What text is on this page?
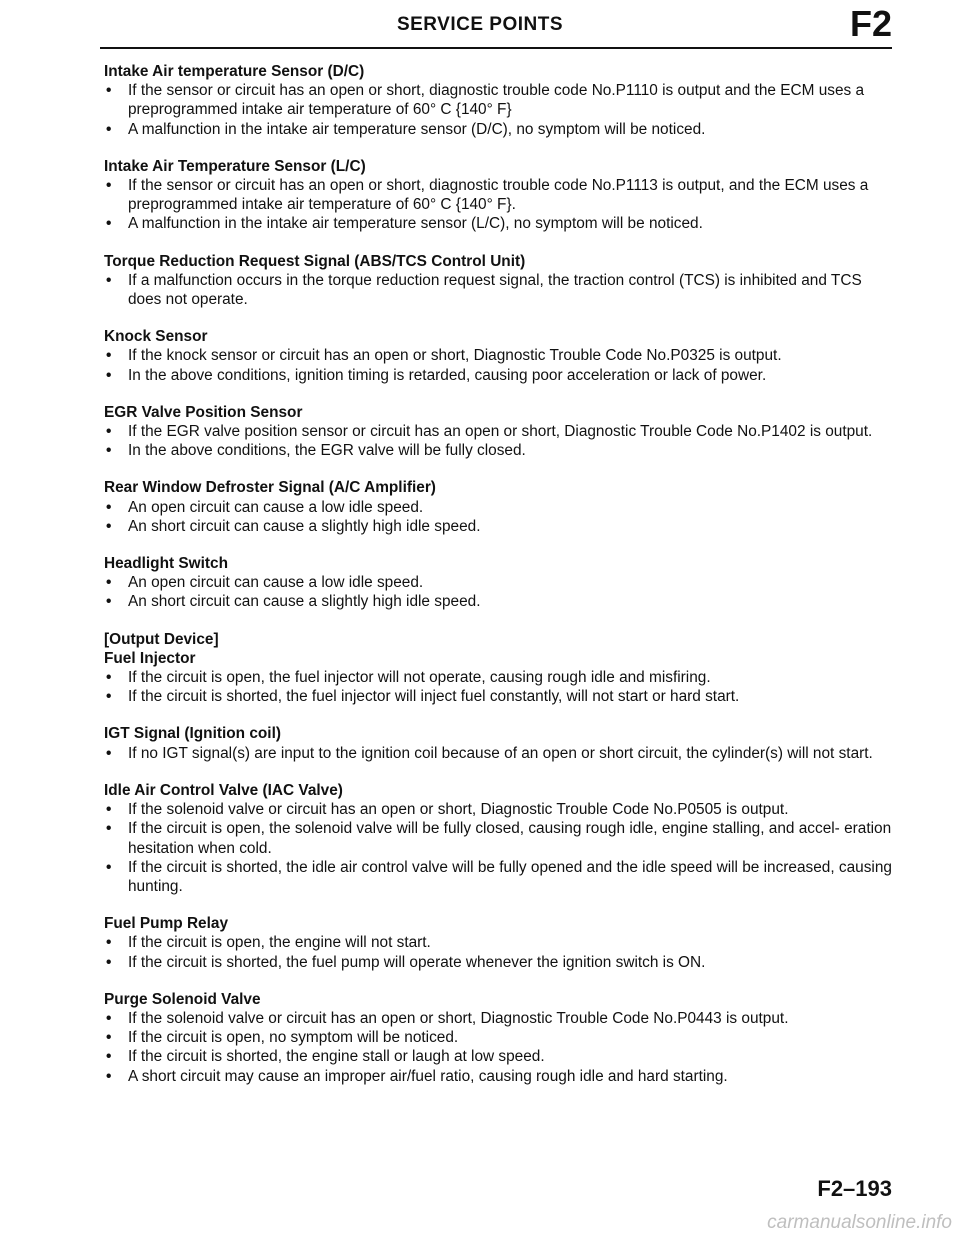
SERVICE POINTS	F2
Intake Air temperature Sensor (D/C)
• If the sensor or circuit has an open or short, diagnostic trouble code No.P1110 is output and the ECM uses a preprogrammed intake air temperature of 60° C {140° F}
• A malfunction in the intake air temperature sensor (D/C), no symptom will be noticed.
Intake Air Temperature Sensor (L/C)
• If the sensor or circuit has an open or short, diagnostic trouble code No.P1113 is output, and the ECM uses a preprogrammed intake air temperature of 60° C {140° F}.
• A malfunction in the intake air temperature sensor (L/C), no symptom will be noticed.
Torque Reduction Request Signal (ABS/TCS Control Unit)
• If a malfunction occurs in the torque reduction request signal, the traction control (TCS) is inhibited and TCS does not operate.
Knock Sensor
• If the knock sensor or circuit has an open or short, Diagnostic Trouble Code No.P0325 is output.
• In the above conditions, ignition timing is retarded, causing poor acceleration or lack of power.
EGR Valve Position Sensor
• If the EGR valve position sensor or circuit has an open or short, Diagnostic Trouble Code No.P1402 is output.
• In the above conditions, the EGR valve will be fully closed.
Rear Window Defroster Signal (A/C Amplifier)
• An open circuit can cause a low idle speed.
• An short circuit can cause a slightly high idle speed.
Headlight Switch
• An open circuit can cause a low idle speed.
• An short circuit can cause a slightly high idle speed.
[Output Device]
Fuel Injector
• If the circuit is open, the fuel injector will not operate, causing rough idle and misfiring.
• If the circuit is shorted, the fuel injector will inject fuel constantly, will not start or hard start.
IGT Signal (Ignition coil)
• If no IGT signal(s) are input to the ignition coil because of an open or short circuit, the cylinder(s) will not start.
Idle Air Control Valve (IAC Valve)
• If the solenoid valve or circuit has an open or short, Diagnostic Trouble Code No.P0505 is output.
• If the circuit is open, the solenoid valve will be fully closed, causing rough idle, engine stalling, and accel- eration hesitation when cold.
• If the circuit is shorted, the idle air control valve will be fully opened and the idle speed will be increased, causing hunting.
Fuel Pump Relay
• If the circuit is open, the engine will not start.
• If the circuit is shorted, the fuel pump will operate whenever the ignition switch is ON.
Purge Solenoid Valve
• If the solenoid valve or circuit has an open or short, Diagnostic Trouble Code No.P0443 is output.
• If the circuit is open, no symptom will be noticed.
• If the circuit is shorted, the engine stall or laugh at low speed.
• A short circuit may cause an improper air/fuel ratio, causing rough idle and hard starting.
F2–193
carmanualsonline.info
